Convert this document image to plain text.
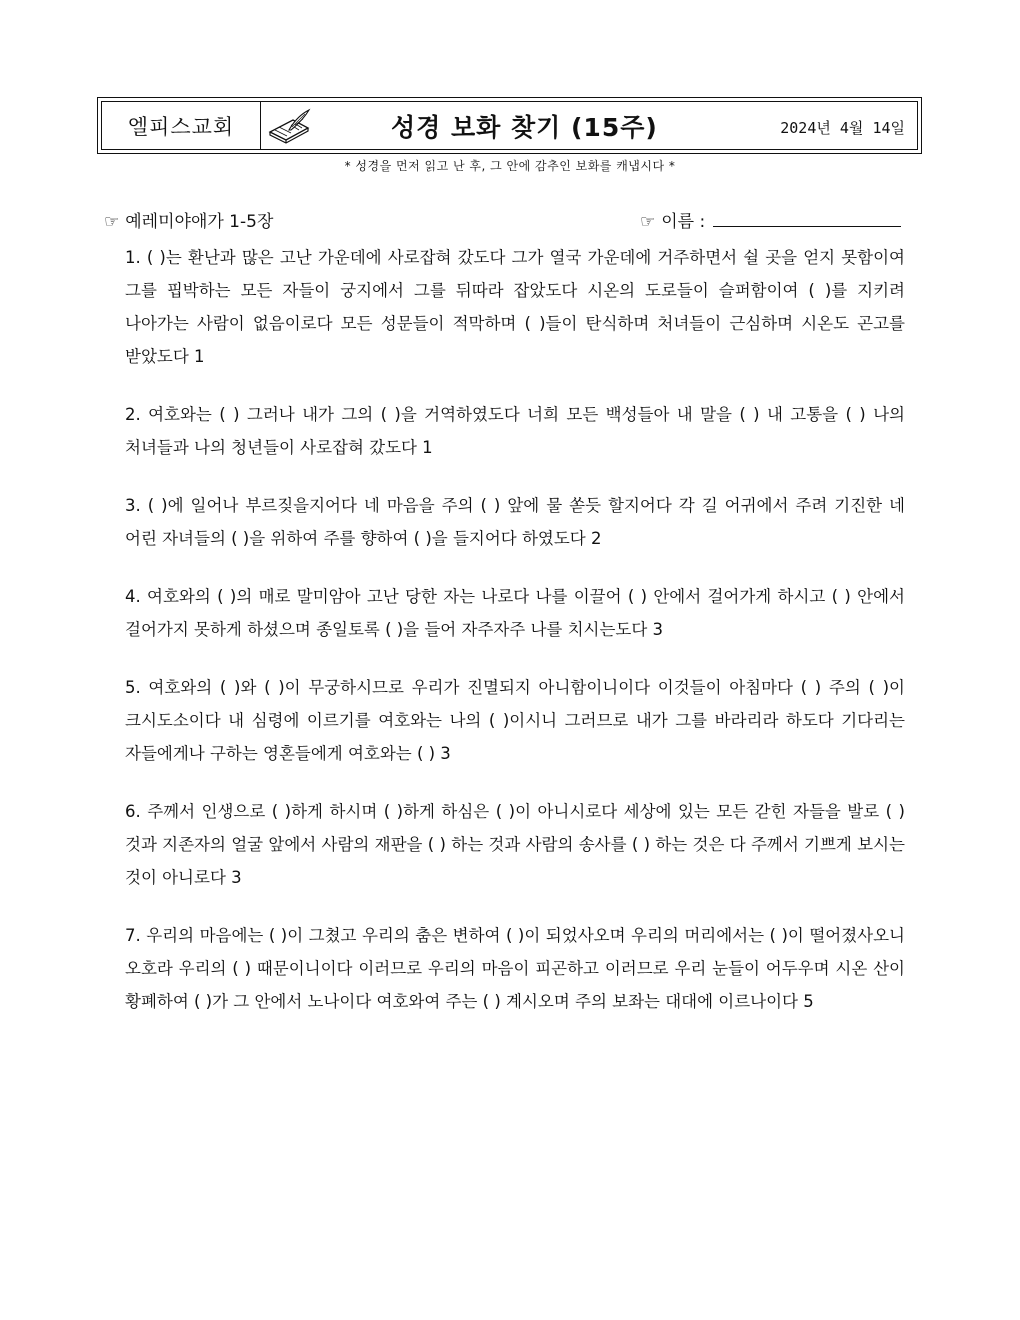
엘피스교회	성경 보화 찾기 (15주)	2024년 4월 14일
* 성경을 먼저 읽고 난 후, 그 안에 감추인 보화를 캐냅시다 *
☞ 예레미야애가 1-5장	☞ 이름 :

1. ( )는 환난과 많은 고난 가운데에 사로잡혀 갔도다 그가 열국 가운데에 거주하면서 쉴 곳을 얻지 못함이여 그를 핍박하는 모든 자들이 궁지에서 그를 뒤따라 잡았도다 시온의 도로들이 슬퍼함이여 ( )를 지키려 나아가는 사람이 없음이로다 모든 성문들이 적막하며 ( )들이 탄식하며 처녀들이 근심하며 시온도 곤고를 받았도다 1

2. 여호와는 ( ) 그러나 내가 그의 ( )을 거역하였도다 너희 모든 백성들아 내 말을 ( ) 내 고통을 ( ) 나의 처녀들과 나의 청년들이 사로잡혀 갔도다 1

3. ( )에 일어나 부르짖을지어다 네 마음을 주의 ( ) 앞에 물 쏟듯 할지어다 각 길 어귀에서 주려 기진한 네 어린 자녀들의 ( )을 위하여 주를 향하여 ( )을 들지어다 하였도다 2

4. 여호와의 ( )의 매로 말미암아 고난 당한 자는 나로다 나를 이끌어 ( ) 안에서 걸어가게 하시고 ( ) 안에서 걸어가지 못하게 하셨으며 종일토록 ( )을 들어 자주자주 나를 치시는도다 3

5. 여호와의 ( )와 ( )이 무궁하시므로 우리가 진멸되지 아니함이니이다 이것들이 아침마다 ( ) 주의 ( )이 크시도소이다 내 심령에 이르기를 여호와는 나의 ( )이시니 그러므로 내가 그를 바라리라 하도다 기다리는 자들에게나 구하는 영혼들에게 여호와는 ( ) 3

6. 주께서 인생으로 ( )하게 하시며 ( )하게 하심은 ( )이 아니시로다 세상에 있는 모든 갇힌 자들을 발로 ( ) 것과 지존자의 얼굴 앞에서 사람의 재판을 ( ) 하는 것과 사람의 송사를 ( ) 하는 것은 다 주께서 기쁘게 보시는 것이 아니로다 3

7. 우리의 마음에는 ( )이 그쳤고 우리의 춤은 변하여 ( )이 되었사오며 우리의 머리에서는 ( )이 떨어졌사오니 오호라 우리의 ( ) 때문이니이다 이러므로 우리의 마음이 피곤하고 이러므로 우리 눈들이 어두우며 시온 산이 황폐하여 ( )가 그 안에서 노나이다 여호와여 주는 ( ) 계시오며 주의 보좌는 대대에 이르나이다 5
